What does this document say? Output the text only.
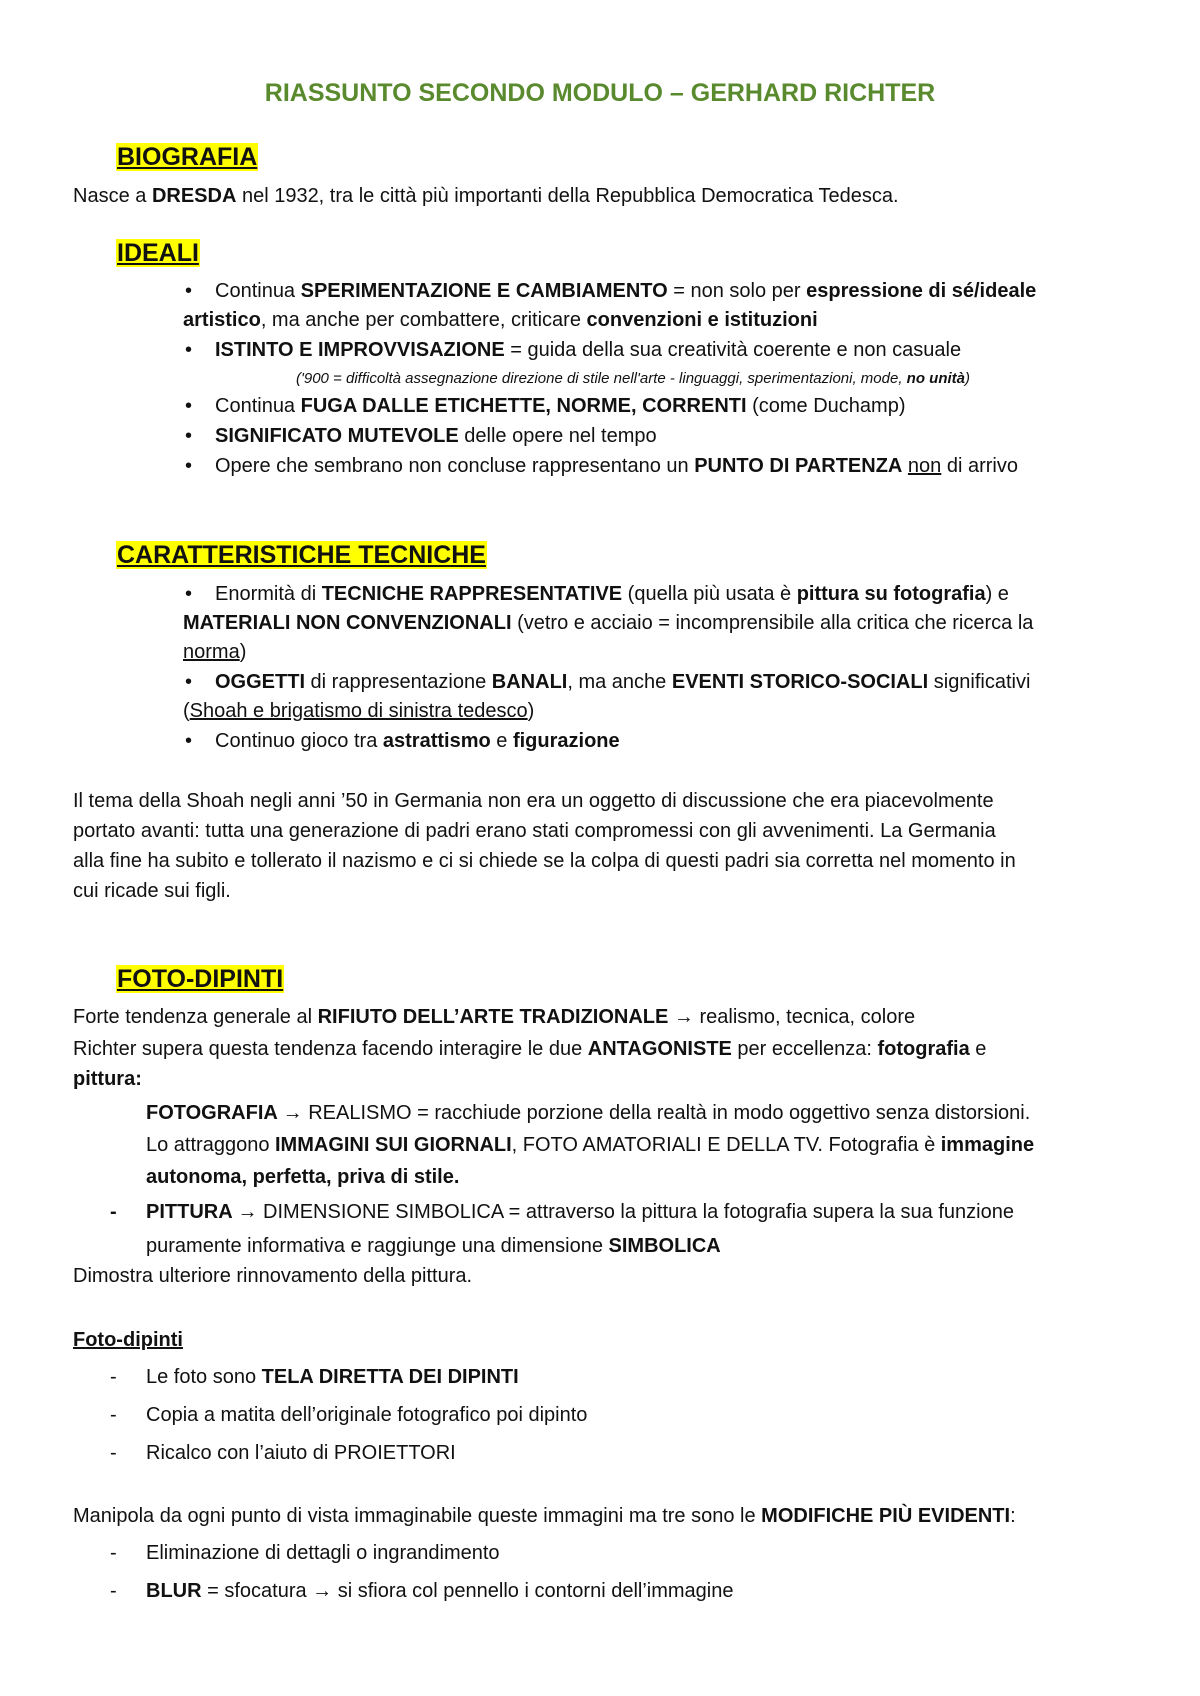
RIASSUNTO SECONDO MODULO – GERHARD RICHTER
BIOGRAFIA
Nasce a DRESDA nel 1932, tra le città più importanti della Repubblica Democratica Tedesca.
IDEALI
• Continua SPERIMENTAZIONE E CAMBIAMENTO = non solo per espressione di sé/ideale
artistico, ma anche per combattere, criticare convenzioni e istituzioni
• ISTINTO E IMPROVVISAZIONE = guida della sua creatività coerente e non casuale
('900 = difficoltà assegnazione direzione di stile nell'arte - linguaggi, sperimentazioni, mode, no unità)
• Continua FUGA DALLE ETICHETTE, NORME, CORRENTI (come Duchamp)
• SIGNIFICATO MUTEVOLE delle opere nel tempo
• Opere che sembrano non concluse rappresentano un PUNTO DI PARTENZA non di arrivo
CARATTERISTICHE TECNICHE
• Enormità di TECNICHE RAPPRESENTATIVE (quella più usata è pittura su fotografia) e
MATERIALI NON CONVENZIONALI (vetro e acciaio = incomprensibile alla critica che ricerca la
norma)
• OGGETTI di rappresentazione BANALI, ma anche EVENTI STORICO-SOCIALI significativi
(Shoah e brigatismo di sinistra tedesco)
• Continuo gioco tra astrattismo e figurazione
Il tema della Shoah negli anni ’50 in Germania non era un oggetto di discussione che era piacevolmente
portato avanti: tutta una generazione di padri erano stati compromessi con gli avvenimenti. La Germania
alla fine ha subito e tollerato il nazismo e ci si chiede se la colpa di questi padri sia corretta nel momento in
cui ricade sui figli.
FOTO-DIPINTI
Forte tendenza generale al RIFIUTO DELL’ARTE TRADIZIONALE → realismo, tecnica, colore
Richter supera questa tendenza facendo interagire le due ANTAGONISTE per eccellenza: fotografia e
pittura:
FOTOGRAFIA → REALISMO = racchiude porzione della realtà in modo oggettivo senza distorsioni.
Lo attraggono IMMAGINI SUI GIORNALI, FOTO AMATORIALI E DELLA TV. Fotografia è immagine
autonoma, perfetta, priva di stile.
- PITTURA → DIMENSIONE SIMBOLICA = attraverso la pittura la fotografia supera la sua funzione
puramente informativa e raggiunge una dimensione SIMBOLICA
Dimostra ulteriore rinnovamento della pittura.
Foto-dipinti
- Le foto sono TELA DIRETTA DEI DIPINTI
- Copia a matita dell’originale fotografico poi dipinto
- Ricalco con l’aiuto di PROIETTORI
Manipola da ogni punto di vista immaginabile queste immagini ma tre sono le MODIFICHE PIÙ EVIDENTI:
- Eliminazione di dettagli o ingrandimento
- BLUR = sfocatura → si sfiora col pennello i contorni dell’immagine
